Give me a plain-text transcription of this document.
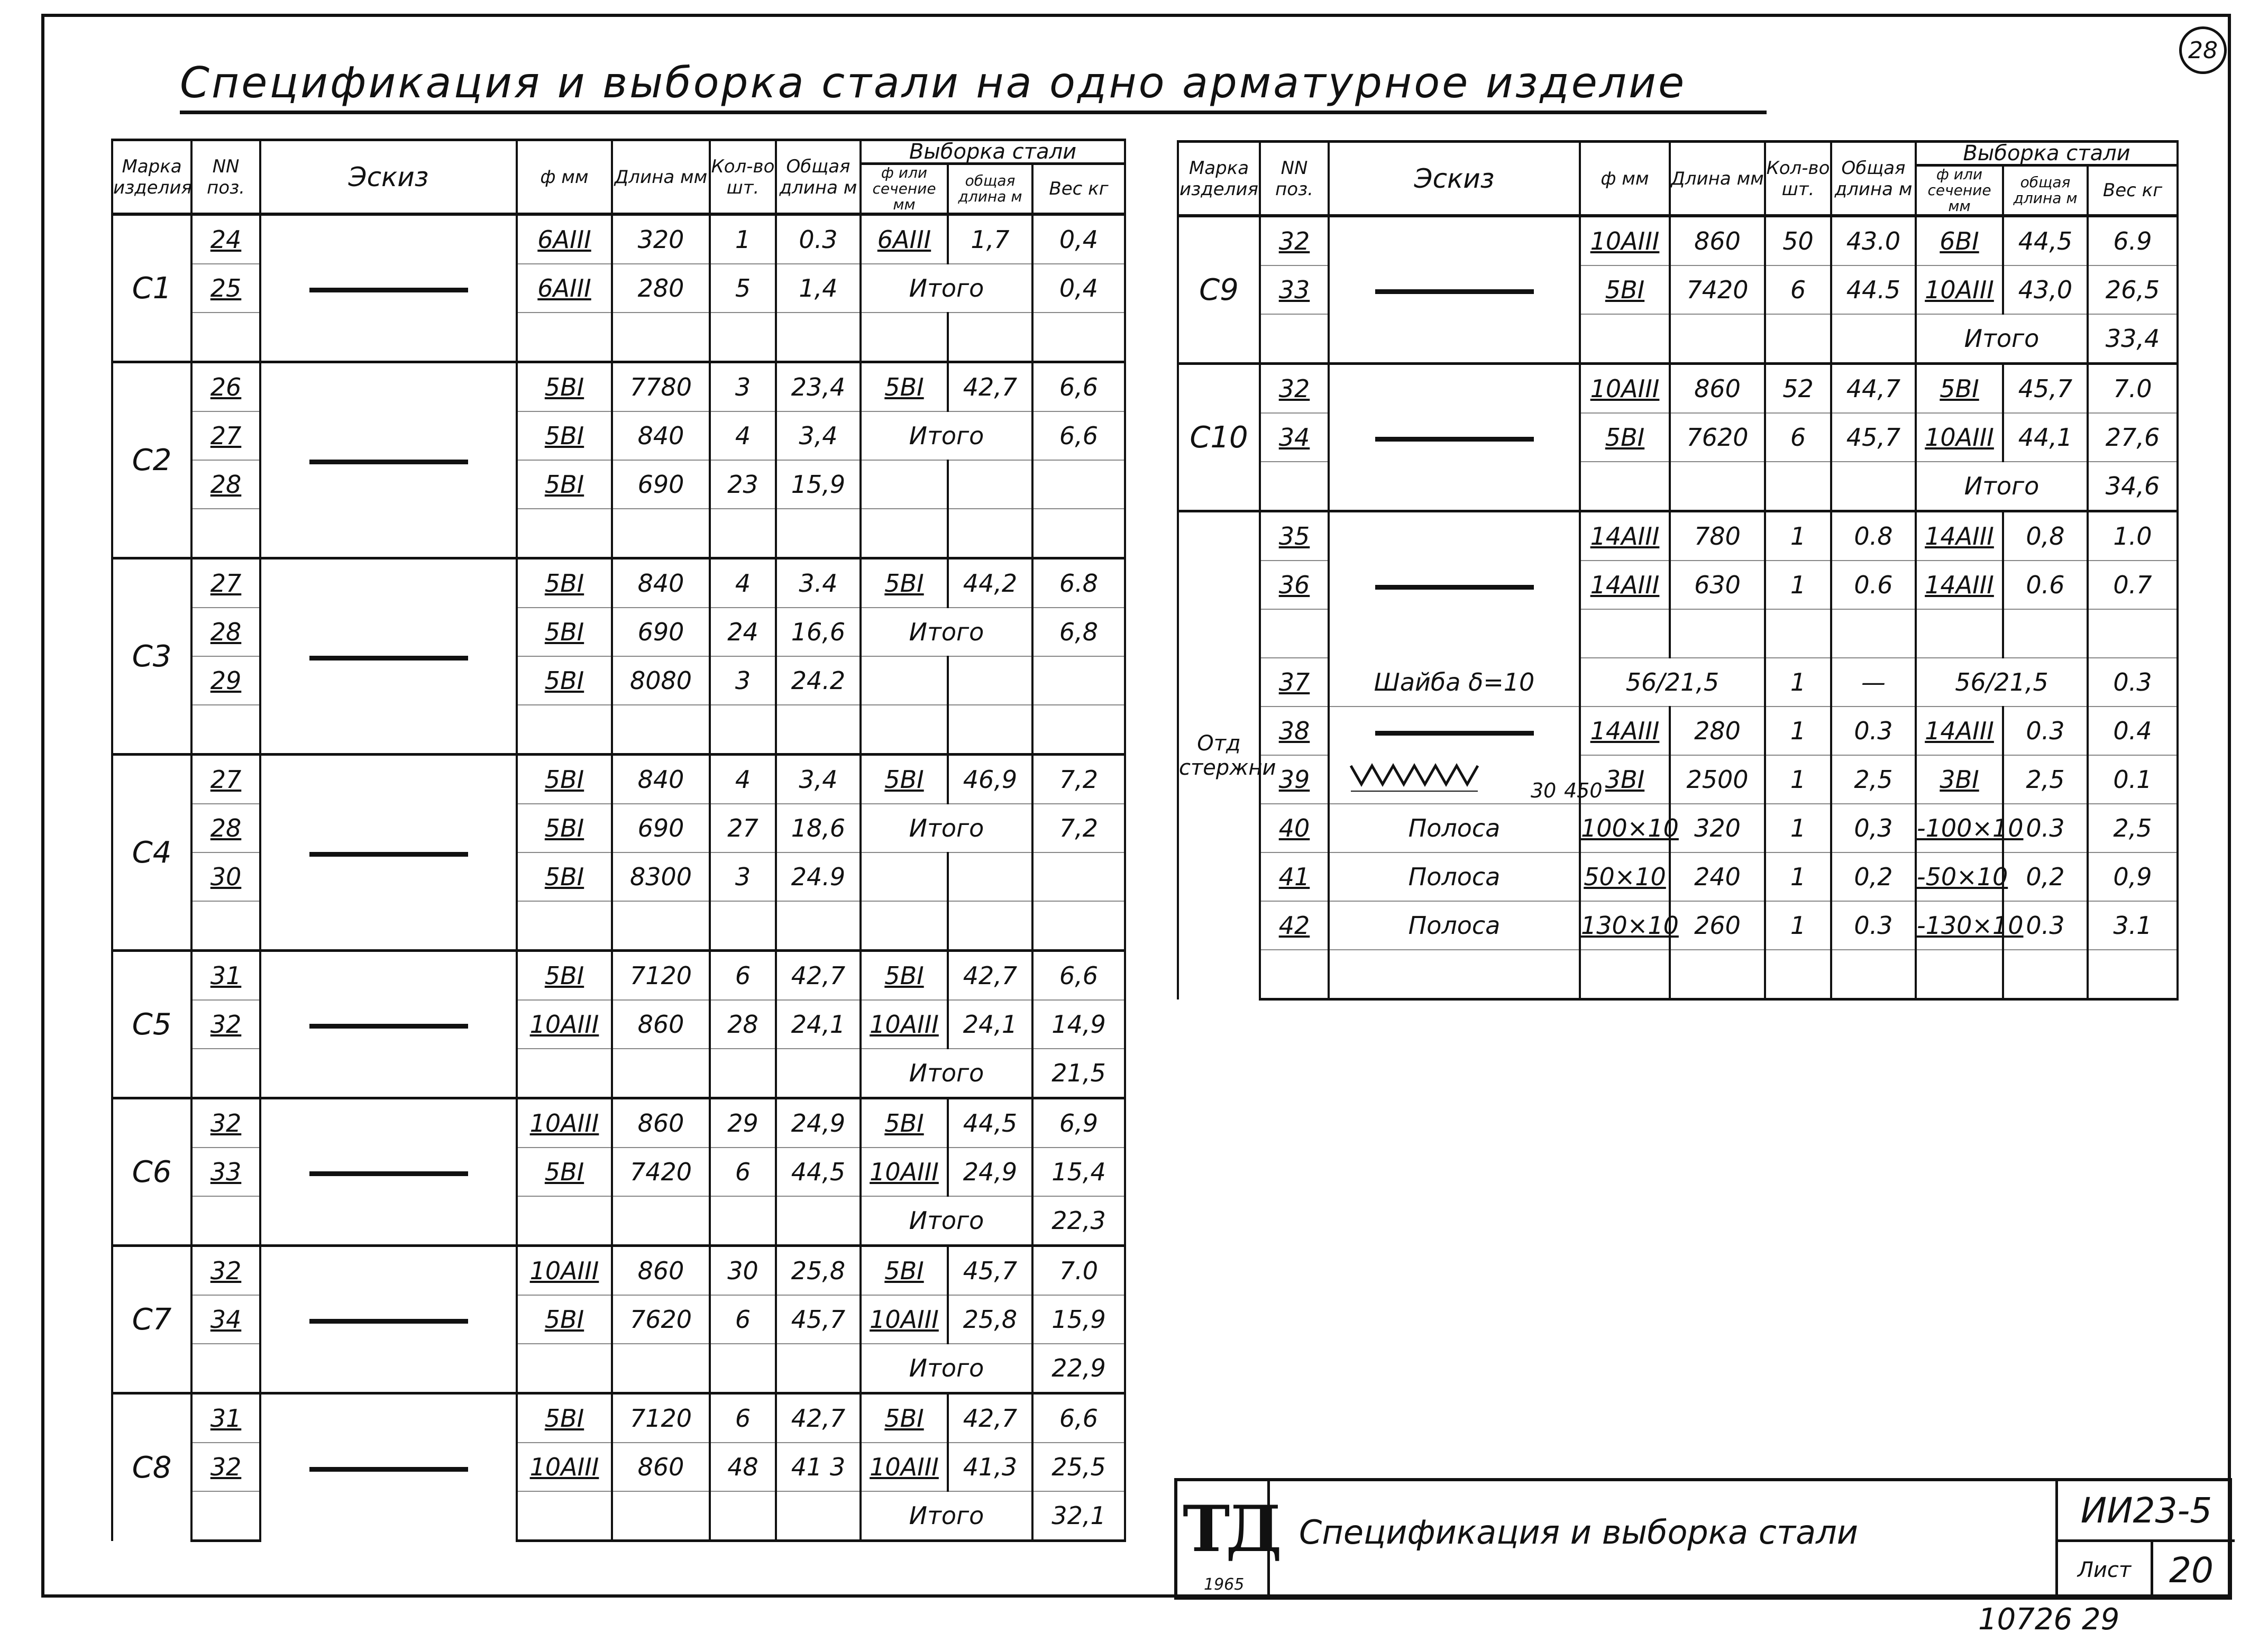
28
Спецификация и выборка стали на одно арматурное изделие
Марка изделия	NN поз.	Эскиз	ф мм	Длина мм	Кол-во шт.	Общая длина м	Выборка стали		
							ф или сечение мм	общая длина м	Вес кг
С1	24		6АIII	320	1	0.3	6АIII	1,7	0,4
	25		6АIII	280	5	1,4	Итого		0,4

С2	26		5ВI	7780	3	23,4	5ВI	42,7	6,6
	27		5ВI	840	4	3,4	Итого		6,6
	28		5ВI	690	23	15,9			

С3	27		5ВI	840	4	3.4	5ВI	44,2	6.8
	28		5ВI	690	24	16,6	Итого		6,8
	29		5ВI	8080	3	24.2			

С4	27		5ВI	840	4	3,4	5ВI	46,9	7,2
	28		5ВI	690	27	18,6	Итого		7,2
	30		5ВI	8300	3	24.9			

С5	31		5ВI	7120	6	42,7	5ВI	42,7	6,6
	32		10АIII	860	28	24,1	10АIII	24,1	14,9
							Итого		21,5
С6	32		10АIII	860	29	24,9	5ВI	44,5	6,9
	33		5ВI	7420	6	44,5	10АIII	24,9	15,4
							Итого		22,3
С7	32		10АIII	860	30	25,8	5ВI	45,7	7.0
	34		5ВI	7620	6	45,7	10АIII	25,8	15,9
							Итого		22,9
С8	31		5ВI	7120	6	42,7	5ВI	42,7	6,6
	32		10АIII	860	48	41 3	10АIII	41,3	25,5
							Итого		32,1
Марка изделия	NN поз.	Эскиз	ф мм	Длина мм	Кол-во шт.	Общая длина м	Выборка стали		
							ф или сечение мм	общая длина м	Вес кг
С9	32		10АIII	860	50	43.0	6ВI	44,5	6.9
	33		5ВI	7420	6	44.5	10АIII	43,0	26,5
							Итого		33,4
С10	32		10АIII	860	52	44,7	5ВI	45,7	7.0
	34		5ВI	7620	6	45,7	10АIII	44,1	27,6
							Итого		34,6
Отд стержни	35		14АIII	780	1	0.8	14АIII	0,8	1.0
	36		14АIII	630	1	0.6	14АIII	0.6	0.7

	37	Шайба δ=10	56/21,5		1	—	56/21,5		0.3
	38		14АIII	280	1	0.3	14АIII	0.3	0.4
	39	30 450	3ВI	2500	1	2,5	3ВI	2,5	0.1
	40	Полоса	100×10	320	1	0,3	-100×10	0.3	2,5
	41	Полоса	50×10	240	1	0,2	-50×10	0,2	0,9
	42	Полоса	130×10	260	1	0.3	-130×10	0.3	3.1

ТД
1965
Спецификация и выборка стали
ИИ23-5
Лист	20
10726 29
